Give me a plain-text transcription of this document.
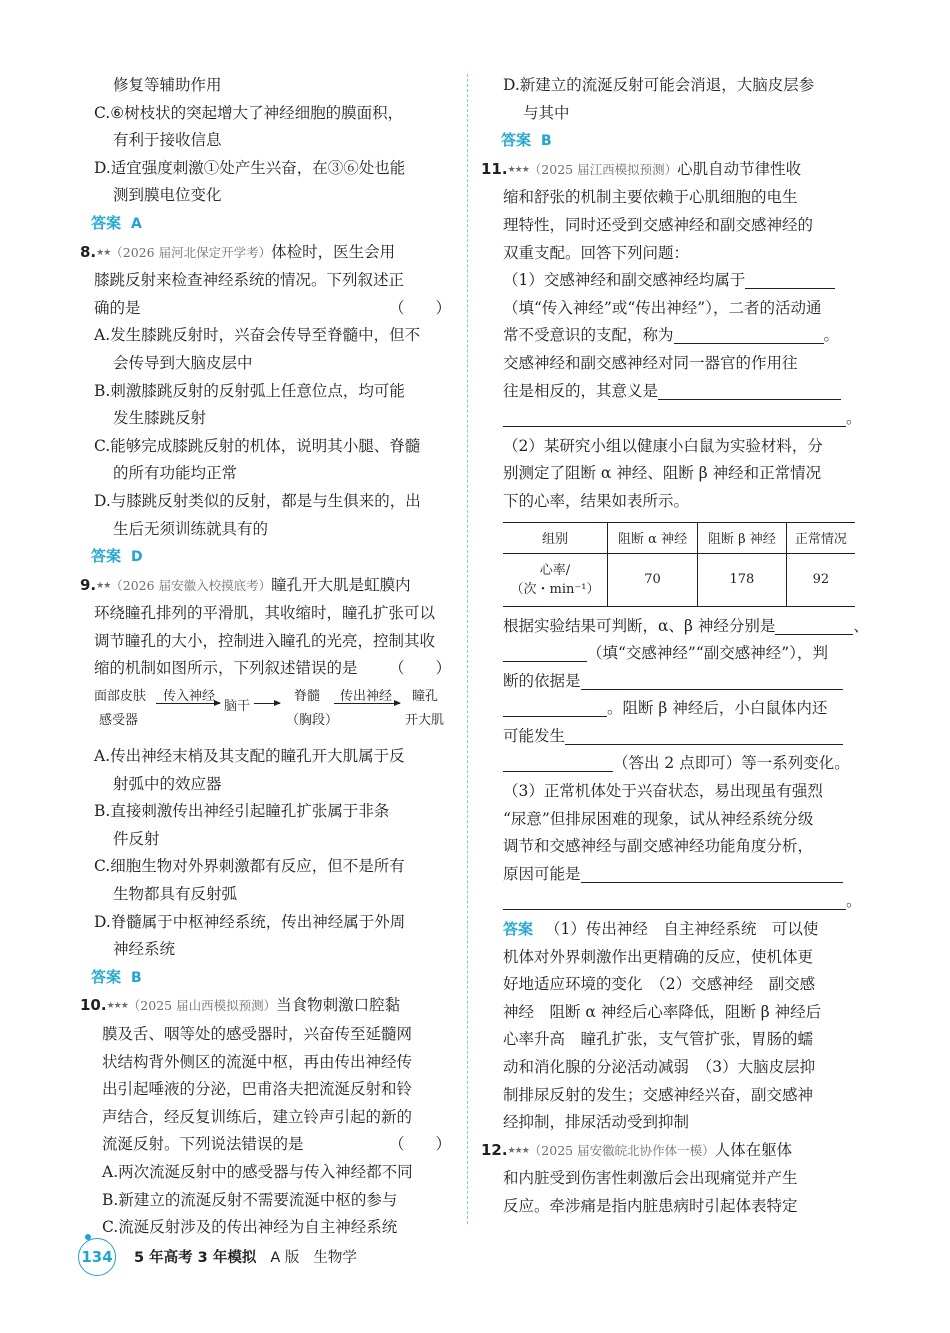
修复等辅助作用
C.⑥树枝状的突起增大了神经细胞的膜面积，
有利于接收信息
D.适宜强度刺激①处产生兴奋，在③⑥处也能
测到膜电位变化
答案 A
8.★★（2026 届河北保定开学考）体检时，医生会用
膝跳反射来检查神经系统的情况。下列叙述正
确的是	（　　）
A.发生膝跳反射时，兴奋会传导至脊髓中，但不
会传导到大脑皮层中
B.刺激膝跳反射的反射弧上任意位点，均可能
发生膝跳反射
C.能够完成膝跳反射的机体，说明其小腿、脊髓
的所有功能均正常
D.与膝跳反射类似的反射，都是与生俱来的，出
生后无须训练就具有的
答案 D
9.★★（2026 届安徽入校摸底考）瞳孔开大肌是虹膜内
环绕瞳孔排列的平滑肌，其收缩时，瞳孔扩张可以
调节瞳孔的大小，控制进入瞳孔的光亮，控制其收
缩的机制如图所示，下列叙述错误的是 （　　）
面部皮肤
感受器
传入神经
脑干
脊髓
（胸段）
传出神经 瞳孔
开大肌
A.传出神经末梢及其支配的瞳孔开大肌属于反
射弧中的效应器
B.直接刺激传出神经引起瞳孔扩张属于非条
件反射
C.细胞生物对外界刺激都有反应，但不是所有
生物都具有反射弧
D.脊髓属于中枢神经系统，传出神经属于外周
神经系统
答案 B
10.★★★（2025 届山西模拟预测）当食物刺激口腔黏
膜及舌、咽等处的感受器时，兴奋传至延髓网
状结构背外侧区的流涎中枢，再由传出神经传
出引起唾液的分泌，巴甫洛夫把流涎反射和铃
声结合，经反复训练后，建立铃声引起的新的
流涎反射。下列说法错误的是	（　　）
A.两次流涎反射中的感受器与传入神经都不同
B.新建立的流涎反射不需要流涎中枢的参与
C.流涎反射涉及的传出神经为自主神经系统
D.新建立的流涎反射可能会消退，大脑皮层参
与其中
答案 B
11.★★★（2025 届江西模拟预测）心肌自动节律性收
缩和舒张的机制主要依赖于心肌细胞的电生
理特性，同时还受到交感神经和副交感神经的
双重支配。回答下列问题：
（1）交感神经和副交感神经均属于
（填“传入神经”或“传出神经”），二者的活动通
常不受意识的支配，称为	。
交感神经和副交感神经对同一器官的作用往
往是相反的，其意义是
。
（2）某研究小组以健康小白鼠为实验材料，分
别测定了阻断 α 神经、阻断 β 神经和正常情况
下的心率，结果如表所示。
组别	阻断 α 神经	阻断 β 神经	正常情况
心率/
（次・min⁻¹）	70	178	92
根据实验结果可判断，α、β 神经分别是	、
（填“交感神经”“副交感神经”），判
断的依据是
。阻断 β 神经后，小白鼠体内还
可能发生
（答出 2 点即可）等一系列变化。
（3）正常机体处于兴奋状态，易出现虽有强烈
“尿意”但排尿困难的现象，试从神经系统分级
调节和交感神经与副交感神经功能角度分析，
原因可能是
。
答案 （1）传出神经　自主神经系统　可以使
机体对外界刺激作出更精确的反应，使机体更
好地适应环境的变化　（2）交感神经　副交感
神经　阻断 α 神经后心率降低，阻断 β 神经后
心率升高　瞳孔扩张，支气管扩张，胃肠的蠕
动和消化腺的分泌活动减弱　（3）大脑皮层抑
制排尿反射的发生；交感神经兴奋，副交感神
经抑制，排尿活动受到抑制
12.★★★（2025 届安徽皖北协作体一模）人体在躯体
和内脏受到伤害性刺激后会出现痛觉并产生
反应。牵涉痛是指内脏患病时引起体表特定
134 5 年高考 3 年模拟 A 版 生物学
